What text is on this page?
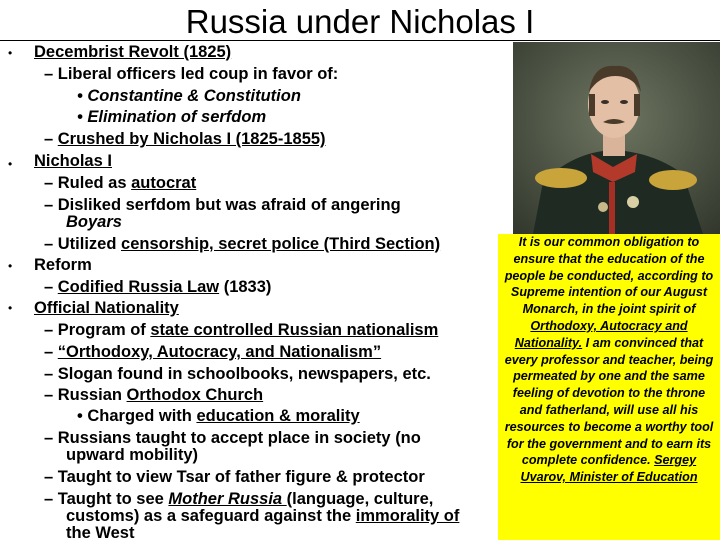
Russia under Nicholas I
•
•
•
•
Decembrist Revolt (1825)
– Liberal officers led coup in favor of:
• Constantine & Constitution
• Elimination of serfdom
– Crushed by Nicholas I (1825-1855)
Nicholas I
– Ruled as autocrat
– Disliked serfdom but was afraid of angering
Boyars
– Utilized censorship, secret police (Third Section)
Reform
– Codified Russia Law (1833)
Official Nationality
– Program of state controlled Russian nationalism
– “Orthodoxy, Autocracy, and Nationalism”
– Slogan found in schoolbooks, newspapers, etc.
– Russian Orthodox Church
• Charged with education & morality
– Russians taught to accept place in society (no
upward mobility)
– Taught to view Tsar of father figure & protector
– Taught to see Mother Russia (language, culture,
customs) as a safeguard against the immorality of
the West
It is our common obligation to ensure that the education of the people be conducted, according to Supreme intention of our August Monarch, in the joint spirit of Orthodoxy, Autocracy and Nationality. I am convinced that every professor and teacher, being permeated by one and the same feeling of devotion to the throne and fatherland, will use all his resources to become a worthy tool for the government and to earn its complete confidence. Sergey Uvarov, Minister of Education
